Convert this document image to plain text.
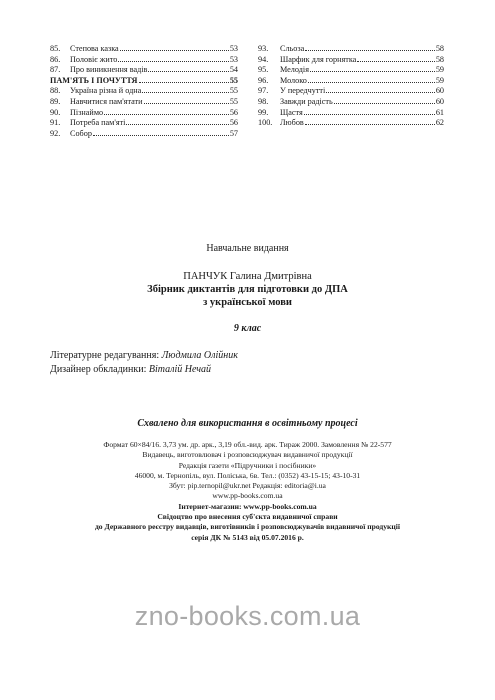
85.	Степова казка	53
86.	Половіє жито	53
87.	Про виникнення вадів	54
ПАМ'ЯТЬ І ПОЧУТТЯ	55
88.	Україна різна й одна	55
89.	Навчитися пам'ятати	55
90.	Пізнаймо	56
91.	Потреба пам'яті	56
92.	Собор	57
93.	Сльоза	58
94.	Шарфик для горнятка	58
95.	Мелодія	59
96.	Молоко	59
97.	У передчутті	60
98.	Завжди радість	60
99.	Щастя	61
100. Любов	62
Навчальне видання
ПАНЧУК Галина Дмитрівна
Збірник диктантів для підготовки до ДПА
з української мови
9 клас
Літературне редагування: Людмила Олійник
Дизайнер обкладинки: Віталій Нечай
Схвалено для використання в освітньому процесі
Формат 60×84/16. 3,73 ум. др. арк., 3,19 обл.-вид. арк. Тираж 2000. Замовлення № 22-577
Видавець, виготовлювач і розповсюджувач видавничої продукції
Редакція газети «Підручники і посібники»
46000, м. Тернопіль, вул. Поліська, 6в. Тел.: (0352) 43-15-15; 43-10-31
Збут: pip.ternopil@ukr.net Редакція: editoria@i.ua
www.pp-books.com.ua
Інтернет-магазин: www.pp-books.com.ua
Свідоцтво про внесення суб'єкта видавничої справи
до Державного реєстру видавців, виготівників і розповсюджувачів видавничої продукції
серія ДК № 5143 від 05.07.2016 р.
zno-books.com.ua
